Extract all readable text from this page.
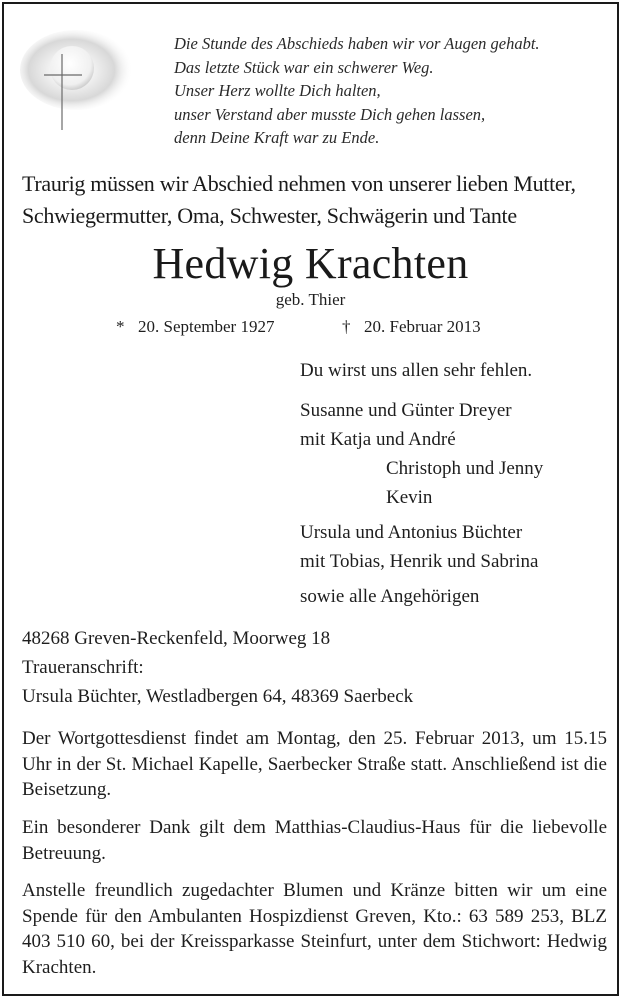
Die Stunde des Abschieds haben wir vor Augen gehabt.
Das letzte Stück war ein schwerer Weg.
Unser Herz wollte Dich halten,
unser Verstand aber musste Dich gehen lassen,
denn Deine Kraft war zu Ende.
Traurig müssen wir Abschied nehmen von unserer lieben Mutter,
Schwiegermutter, Oma, Schwester, Schwägerin und Tante
Hedwig Krachten
geb. Thier
* 20. September 1927	† 20. Februar 2013
Du wirst uns allen sehr fehlen.
Susanne und Günter Dreyer
mit Katja und André
Christoph und Jenny
Kevin
Ursula und Antonius Büchter
mit Tobias, Henrik und Sabrina
sowie alle Angehörigen
48268 Greven-Reckenfeld, Moorweg 18
Traueranschrift:
Ursula Büchter, Westladbergen 64, 48369 Saerbeck
Der Wortgottesdienst findet am Montag, den 25. Februar 2013, um 15.15 Uhr in der St. Michael Kapelle, Saerbecker Straße statt. Anschließend ist die Beisetzung.
Ein besonderer Dank gilt dem Matthias-Claudius-Haus für die liebevolle Betreuung.
Anstelle freundlich zugedachter Blumen und Kränze bitten wir um eine Spende für den Ambulanten Hospizdienst Greven, Kto.: 63 589 253, BLZ 403 510 60, bei der Kreissparkasse Steinfurt, unter dem Stichwort: Hedwig Krachten.
